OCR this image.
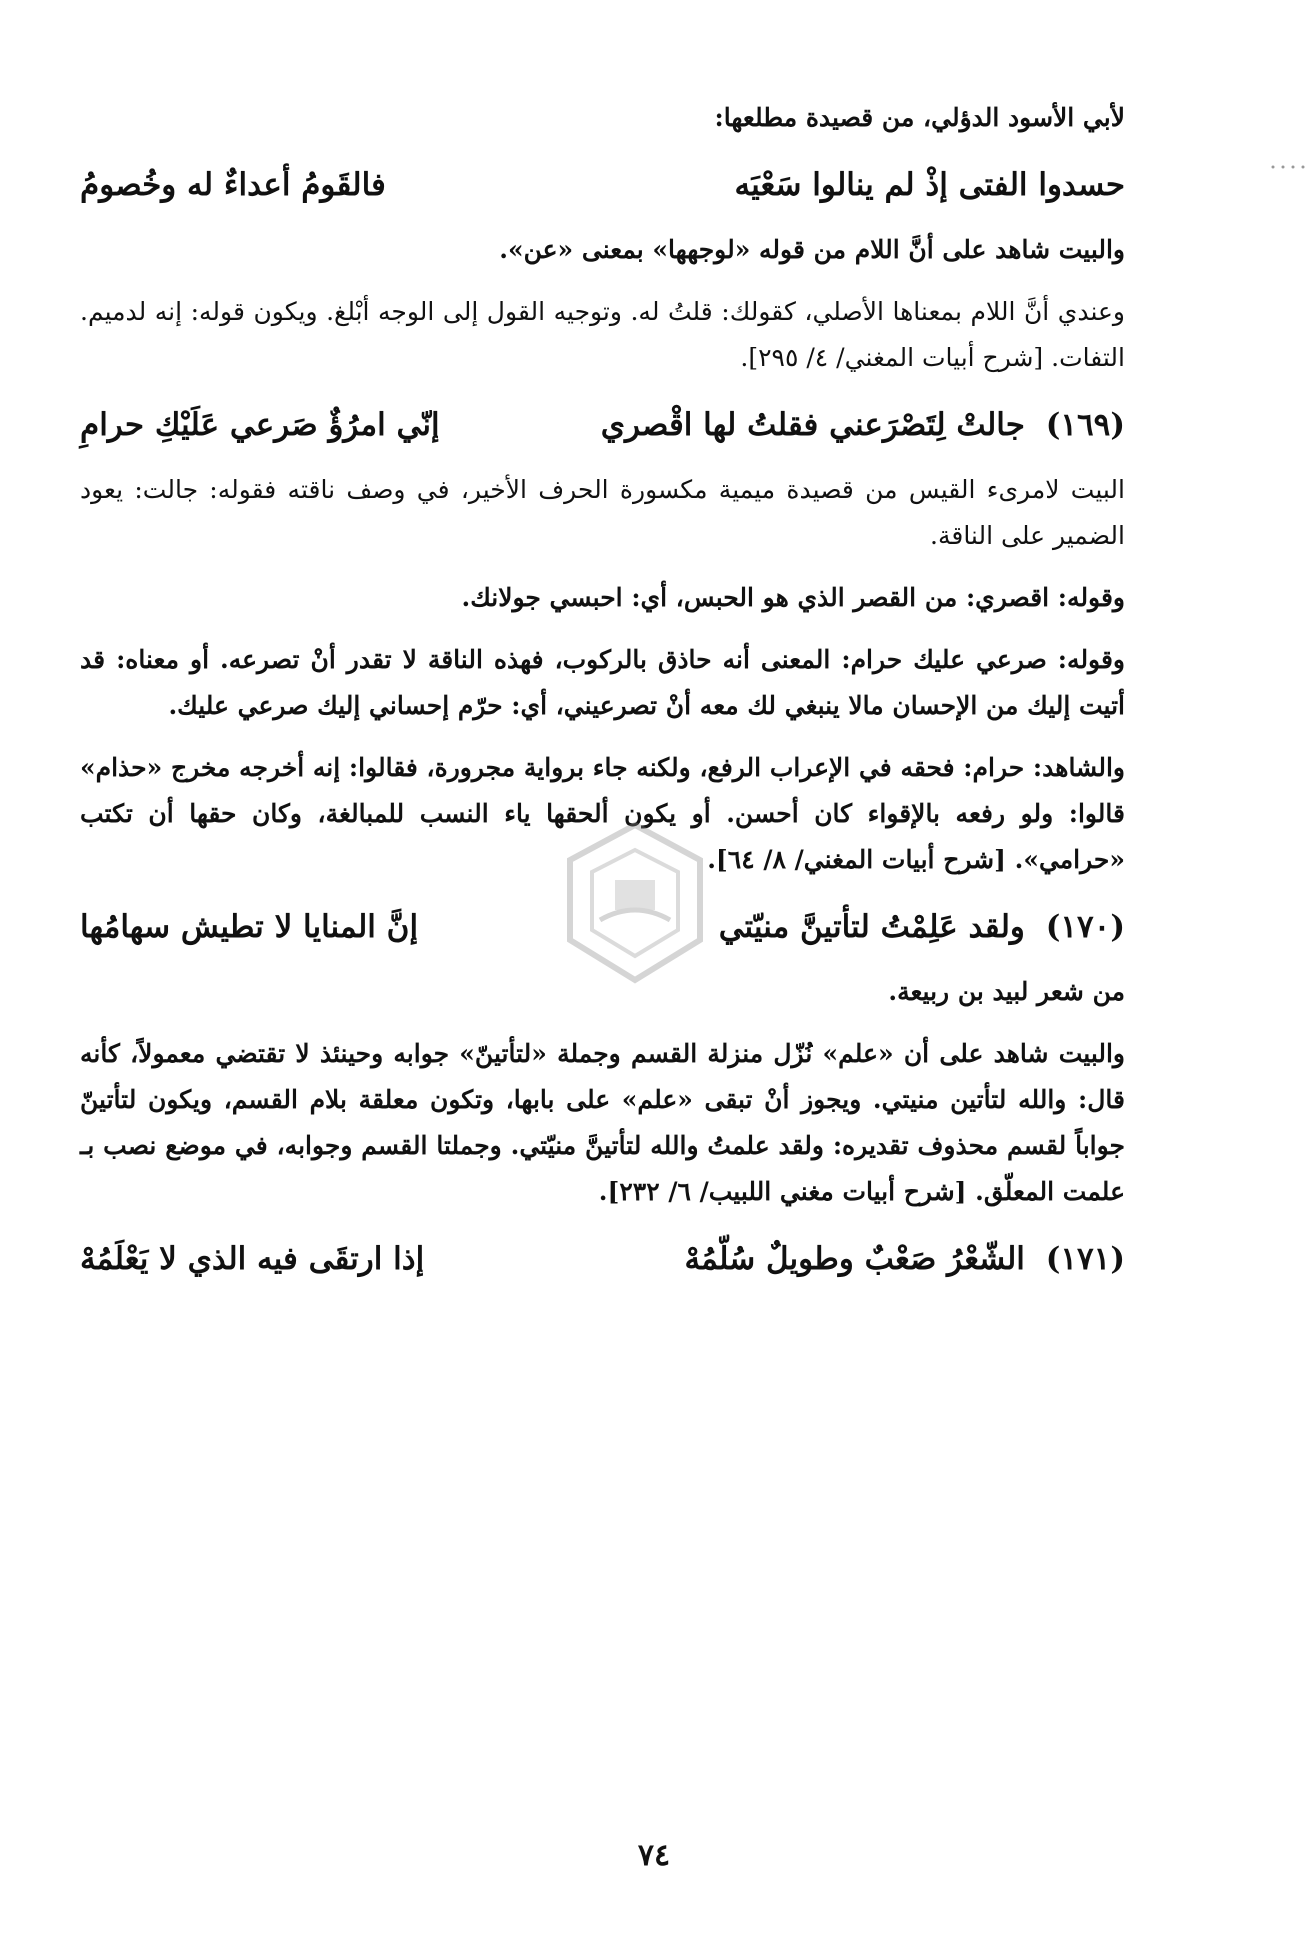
لأبي الأسود الدؤلي، من قصيدة مطلعها:

حسدوا الفتى إذْ لم ينالوا سَعْيَه
فالقَومُ أعداءٌ له وخُصومُ

والبيت شاهد على أنَّ اللام من قوله «لوجهها» بمعنى «عن».

وعندي أنَّ اللام بمعناها الأصلي، كقولك: قلتُ له. وتوجيه القول إلى الوجه أبْلغ. ويكون قوله: إنه لدميم. التفات. [شرح أبيات المغني/ ٤/ ٢٩٥].

(١٦٩) جالتْ لِتَصْرَعني فقلتُ لها اقْصري
إنّي امرُؤٌ صَرعي عَلَيْكِ حرامِ

البيت لامرىء القيس من قصيدة ميمية مكسورة الحرف الأخير، في وصف ناقته فقوله: جالت: يعود الضمير على الناقة.

وقوله: اقصري: من القصر الذي هو الحبس، أي: احبسي جولانك.

وقوله: صرعي عليك حرام: المعنى أنه حاذق بالركوب، فهذه الناقة لا تقدر أنْ تصرعه. أو معناه: قد أتيت إليك من الإحسان مالا ينبغي لك معه أنْ تصرعيني، أي: حرّم إحساني إليك صرعي عليك.

والشاهد: حرام: فحقه في الإعراب الرفع، ولكنه جاء برواية مجرورة، فقالوا: إنه أخرجه مخرج «حذام» قالوا: ولو رفعه بالإقواء كان أحسن. أو يكون ألحقها ياء النسب للمبالغة، وكان حقها أن تكتب «حرامي». [شرح أبيات المغني/ ٨/ ٦٤].

(١٧٠) ولقد عَلِمْتُ لتأتينَّ منيّتي
إنَّ المنايا لا تطيش سهامُها

من شعر لبيد بن ربيعة.

والبيت شاهد على أن «علم» نُزّل منزلة القسم وجملة «لتأتينّ» جوابه وحينئذ لا تقتضي معمولاً، كأنه قال: والله لتأتين منيتي. ويجوز أنْ تبقى «علم» على بابها، وتكون معلقة بلام القسم، ويكون لتأتينّ جواباً لقسم محذوف تقديره: ولقد علمتُ والله لتأتينَّ منيّتي. وجملتا القسم وجوابه، في موضع نصب بـ علمت المعلّق. [شرح أبيات مغني اللبيب/ ٦/ ٢٣٢].

(١٧١) الشّعْرُ صَعْبٌ وطويلٌ سُلّمُهْ
إذا ارتقَى فيه الذي لا يَعْلَمُهْ
٧٤
